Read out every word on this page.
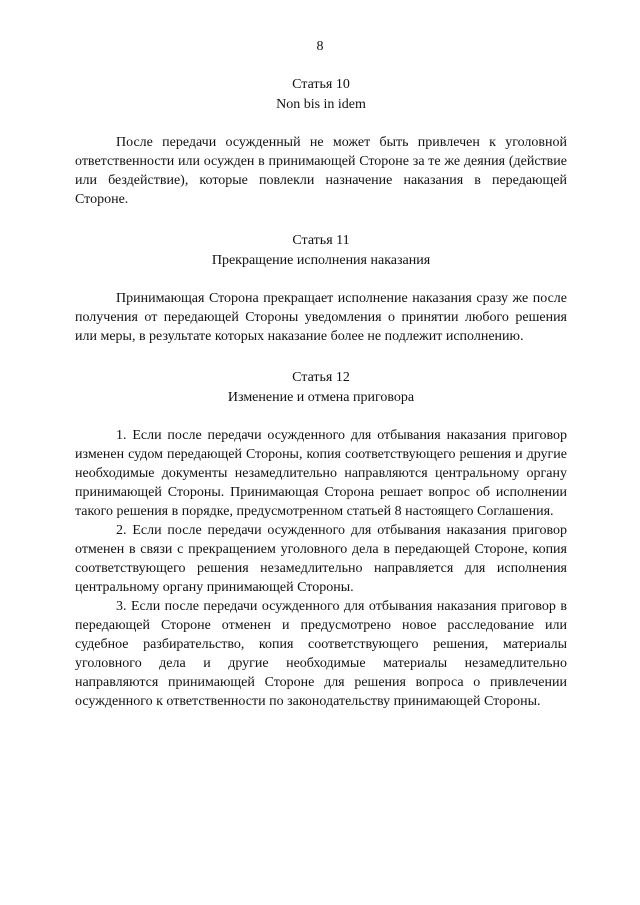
8
Статья 10
Non bis in idem

После передачи осужденный не может быть привлечен к уголовной ответственности или осужден в принимающей Стороне за те же деяния (действие или бездействие), которые повлекли назначение наказания в передающей Стороне.

Статья 11
Прекращение исполнения наказания

Принимающая Сторона прекращает исполнение наказания сразу же после получения от передающей Стороны уведомления о принятии любого решения или меры, в результате которых наказание более не подлежит исполнению.

Статья 12
Изменение и отмена приговора

1. Если после передачи осужденного для отбывания наказания приговор изменен судом передающей Стороны, копия соответствующего решения и другие необходимые документы незамедлительно направляются центральному органу принимающей Стороны. Принимающая Сторона решает вопрос об исполнении такого решения в порядке, предусмотренном статьей 8 настоящего Соглашения.

2. Если после передачи осужденного для отбывания наказания приговор отменен в связи с прекращением уголовного дела в передающей Стороне, копия соответствующего решения незамедлительно направляется для исполнения центральному органу принимающей Стороны.

3. Если после передачи осужденного для отбывания наказания приговор в передающей Стороне отменен и предусмотрено новое расследование или судебное разбирательство, копия соответствующего решения, материалы уголовного дела и другие необходимые материалы незамедлительно направляются принимающей Стороне для решения вопроса о привлечении осужденного к ответственности по законодательству принимающей Стороны.
